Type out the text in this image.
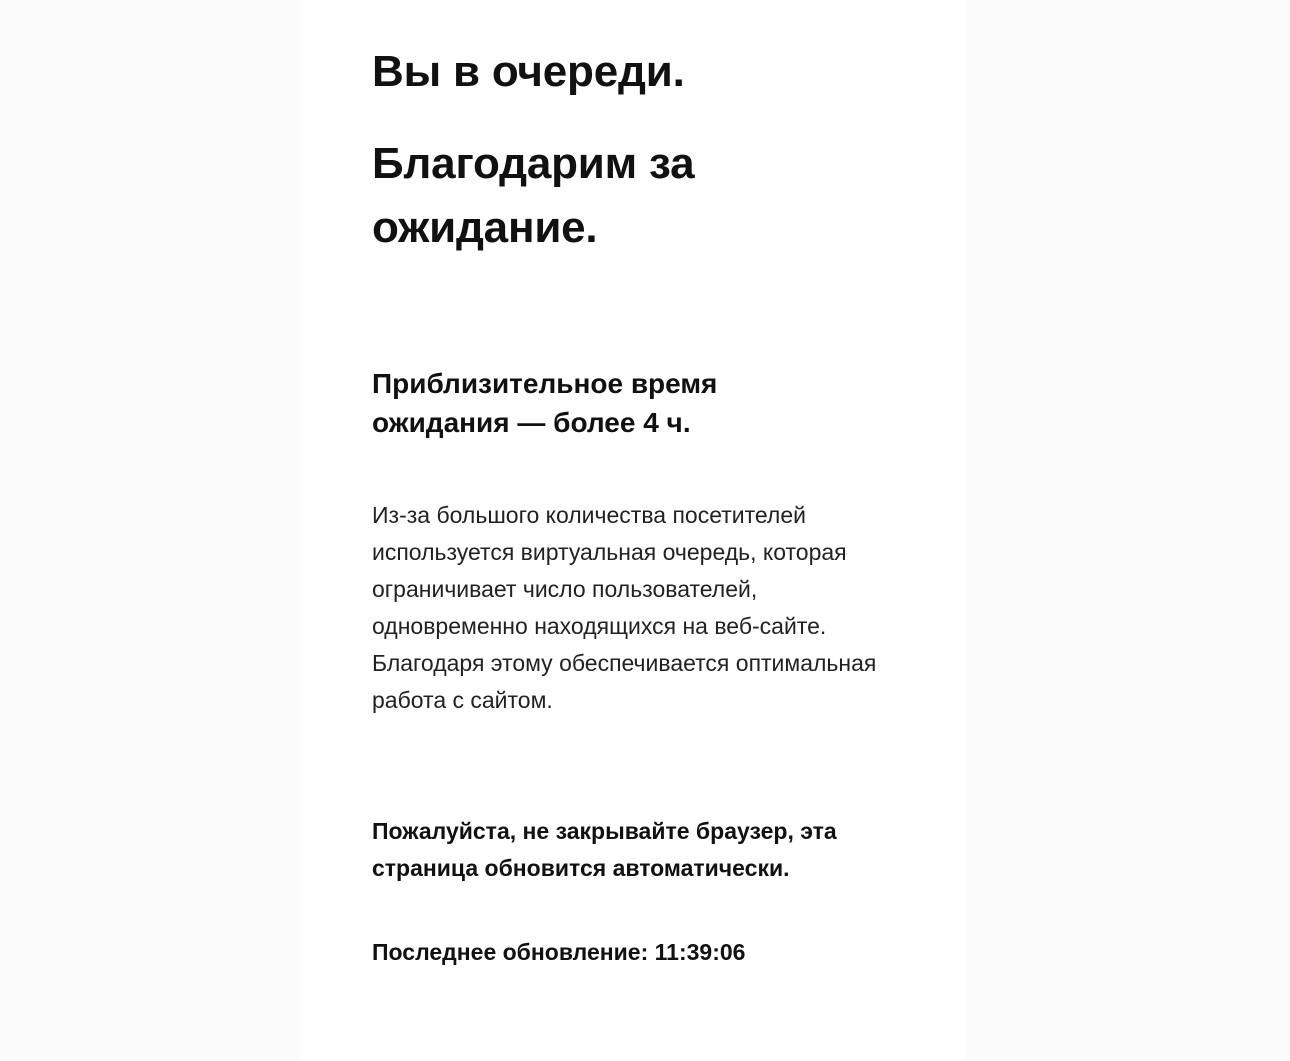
Вы в очереди.
Благодарим за ожидание.
Приблизительное время ожидания — более 4 ч.

Из-за большого количества посетителей используется виртуальная очередь, которая ограничивает число пользователей, одновременно находящихся на веб-сайте. Благодаря этому обеспечивается оптимальная работа с сайтом.

Пожалуйста, не закрывайте браузер, эта страница обновится автоматически.
Последнее обновление: 11:39:06
